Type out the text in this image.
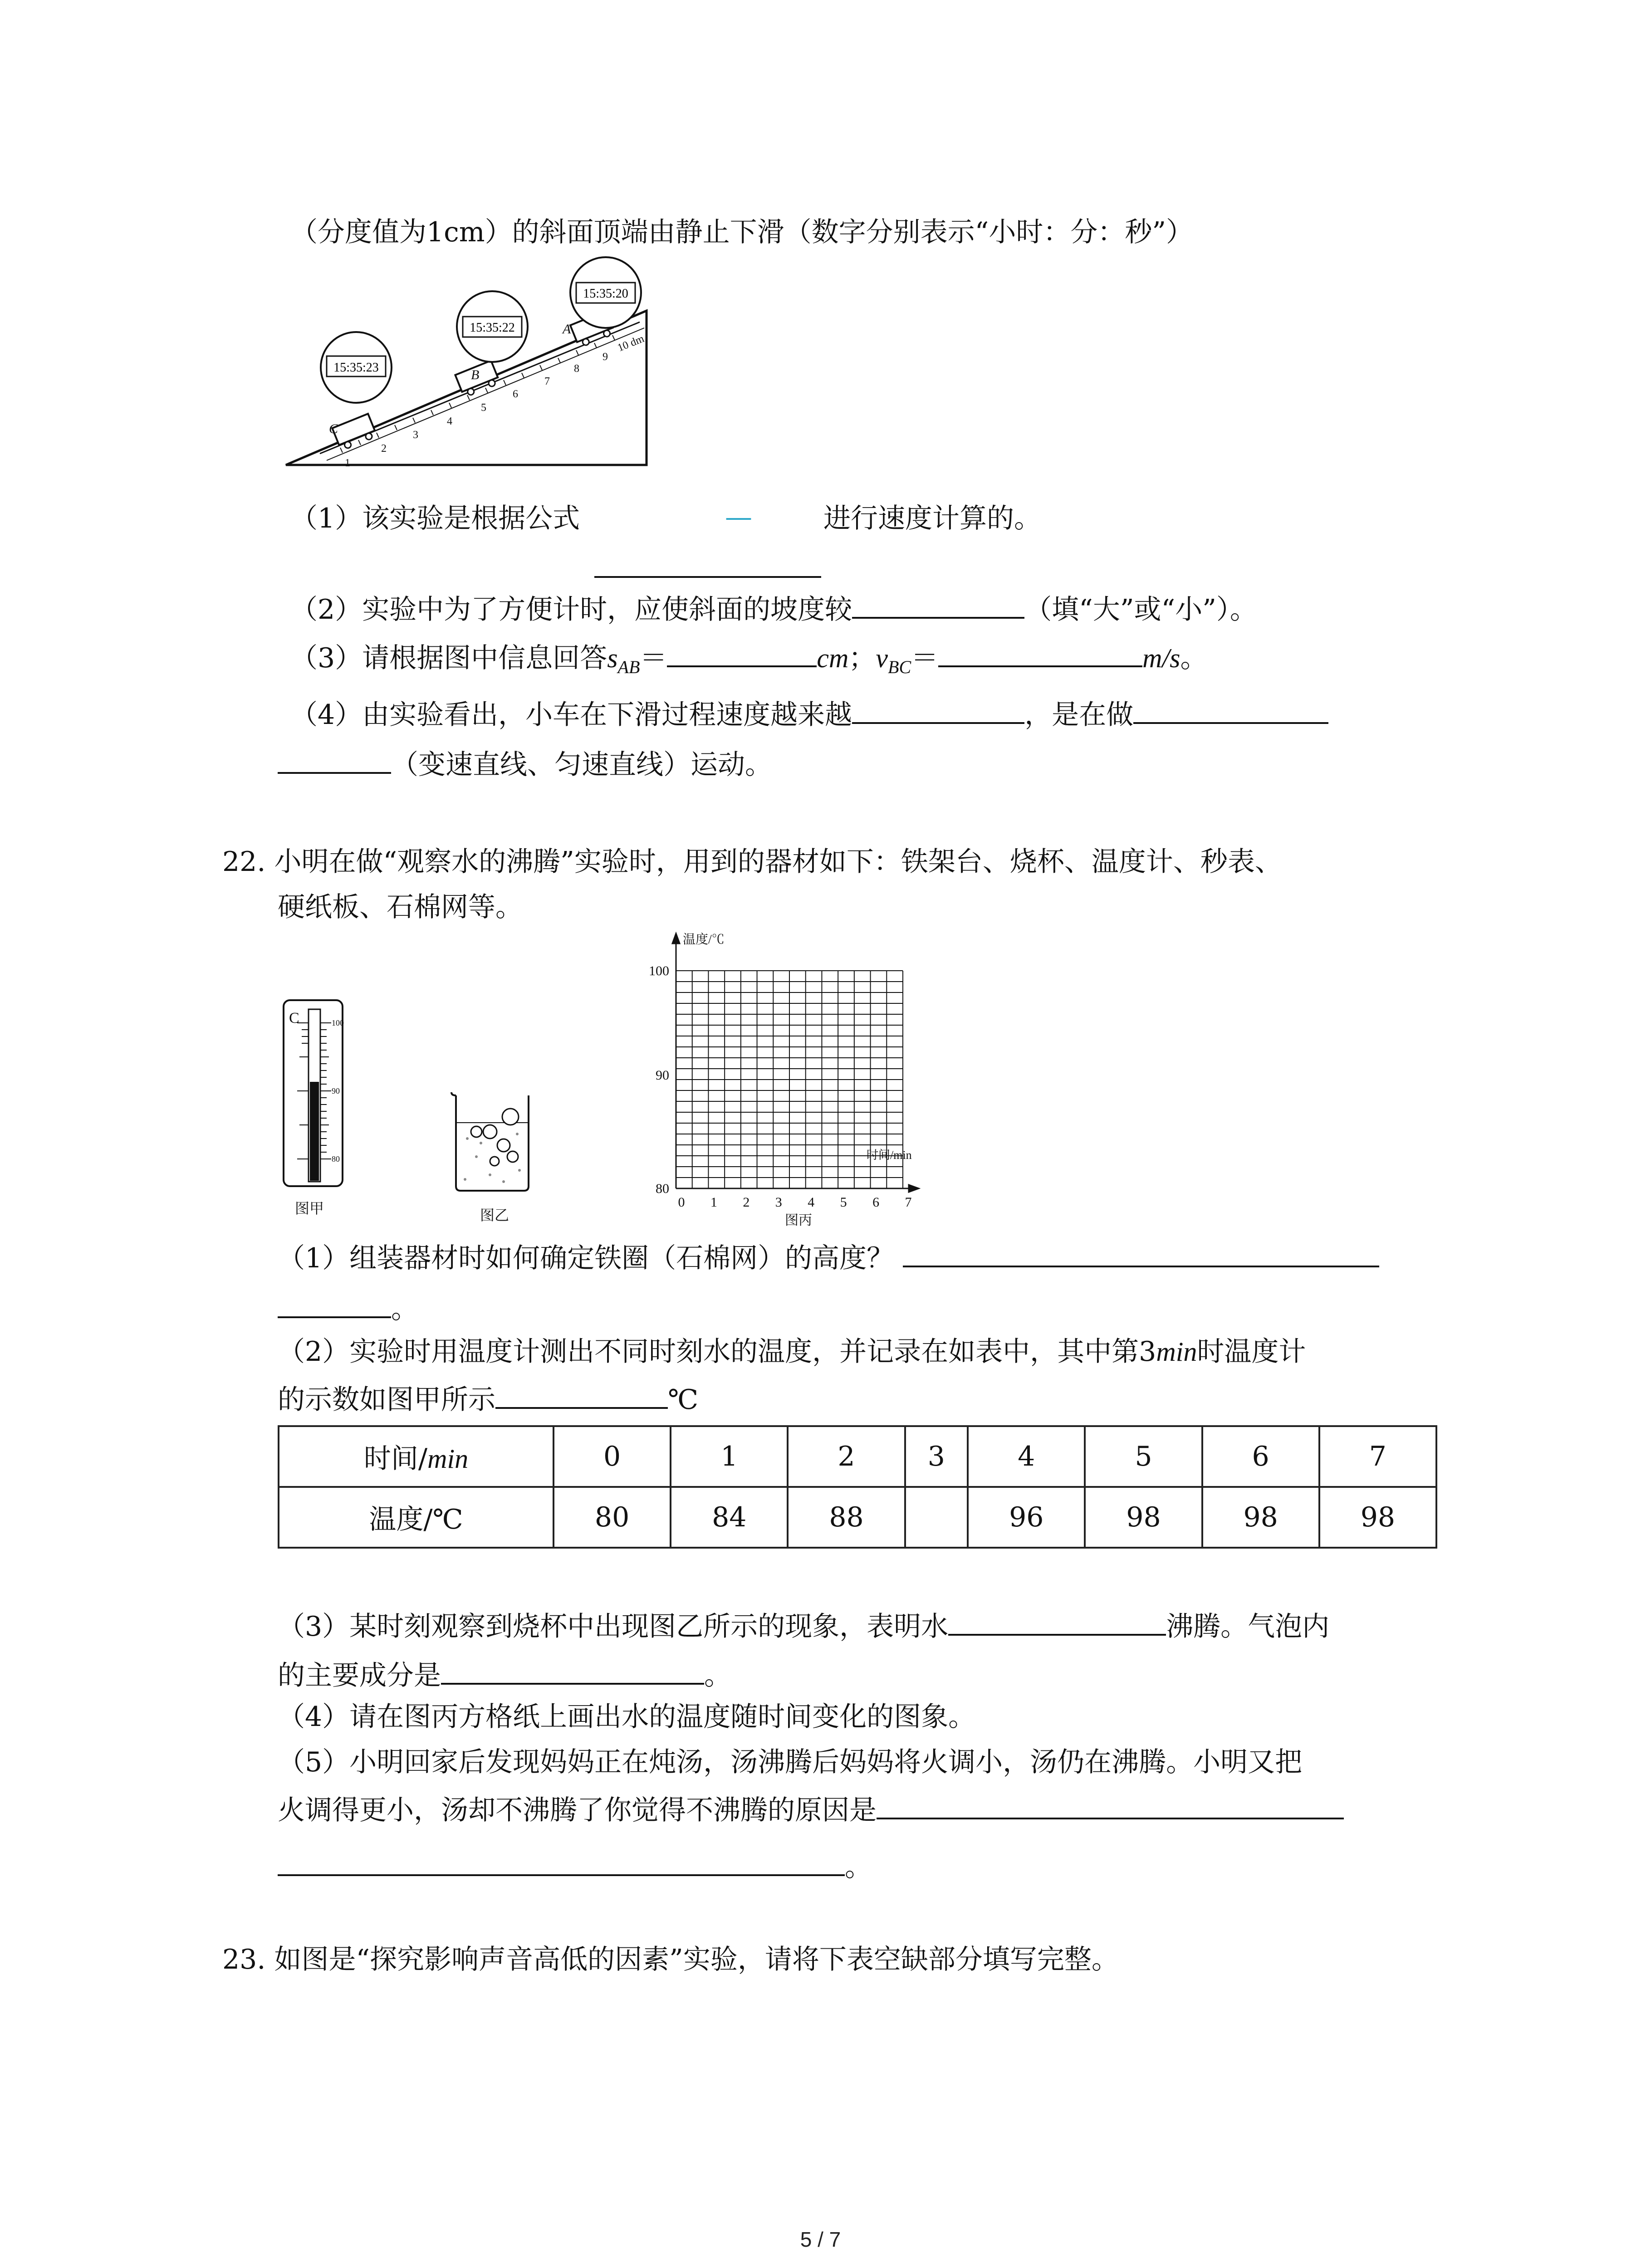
（分度值为1cm）的斜面顶端由静止下滑（数字分别表示“小时：分：秒”）
1
2
3
4
5
6
7
8
9
10 dm
C
B
A
15:35:23
15:35:22
15:35:20
（1）该实验是根据公式	—	进行速度计算的。
（2）实验中为了方便计时，应使斜面的坡度较	（填“大”或“小”）。
（3）请根据图中信息回答$s_{AB}=$	cm；$v_{BC}=$	m/s。
（4）由实验看出，小车在下滑过程速度越来越	，是在做
（变速直线、匀速直线）运动。
22. 小明在做“观察水的沸腾”实验时，用到的器材如下：铁架台、烧杯、温度计、秒表、
硬纸板、石棉网等。
C	100
90
80
图甲	图乙
温度/℃
时间/min
100
90
80
0 1 2 3 4 5 6 7
图丙
（1）组装器材时如何确定铁圈（石棉网）的高度？
。
（2）实验时用温度计测出不同时刻水的温度，并记录在如表中，其中第3min时温度计
的示数如图甲所示	℃
时间/min	0	1	2	3	4	5	6	7
温度/℃	80	84	88		96	98	98	98
（3）某时刻观察到烧杯中出现图乙所示的现象，表明水	沸腾。气泡内
的主要成分是	。
（4）请在图丙方格纸上画出水的温度随时间变化的图象。
（5）小明回家后发现妈妈正在炖汤，汤沸腾后妈妈将火调小，汤仍在沸腾。小明又把
火调得更小，汤却不沸腾了你觉得不沸腾的原因是
。
23. 如图是“探究影响声音高低的因素”实验，请将下表空缺部分填写完整。
5 / 7
